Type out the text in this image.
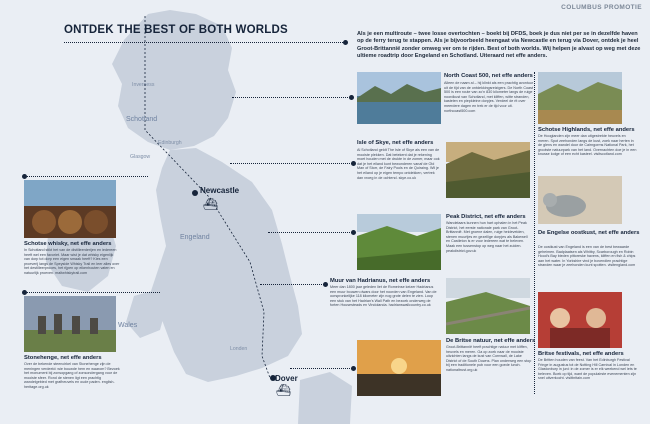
COLUMBUS PROMOTIE
ONTDEK THE BEST OF BOTH WORLDS	Als je een multiroute – twee losse overtochten – boekt bij DFDS, boek je dus niet per se in dezelfde haven op de ferry terug te stappen. Als je bijvoorbeeld heengaat via Newcastle en terug via Dover, ontdek je heel Groot-Brittannië zonder omweg ver om te rijden. Best of both worlds. Wij helpen je alvast op weg met deze ultieme roadtrip door Engeland en Schotland. Uiteraard net effe anders.
Inverness
Schotland
Edinburgh
Glasgow
Engeland
Wales
Londen
Newcastle
⛴
Dover
⛴
North Coast 500, net effe anders
Alleen de naam al – hij klinkt als een prachtig avontuur uit de tijd van de ontdekkingsreizigers. De North Coast 500 is een route van zo'n 830 kilometer langs de ruige noordkust van Schotland, met kliffen, witte stranden, kastelen en piepkleine dorpjes. Verdeel de rit over meerdere dagen en trek er de tijd voor uit. northcoast500.com
Schotse Highlands, net effe anders
De Hooglanden zijn meer dan uitgestrekte heuvels en meren. Spot zeehonden langs de kust, zoek naar herten in de glens en wandel door de Cairngorms National Park, het grootste natuurpark van het land. Overnachten doe je in een knusse lodge of een echt kasteel. visitscotland.com
Isle of Skye, net effe anders
Al Schotland geldt The Isle of Skye als een van de mooiste plekken. Dat betekent dat je rekening moet houden met de drukte in de zomer, maar ook dat je het eiland kunt bewonderen vanaf de Old Man of Storr, de Fairy Pools en de Quiraing. Wil je het eiland op je eigen tempo ontdekken, vertrek dan vroeg in de ochtend. skye.co.uk
Schotse whisky, net effe anders
In Schotland stikt het van de distilleerderijen en iedereen heeft wel een favoriet. Maar wist je dat whisky eigenlijk van dorp tot dorp een eigen smaak heeft? Kies een proeverij langs de Speyside Whisky Trail en leer alles over het destilleerproces, het rijpen op eikenhouten vaten en natuurlijk proeven. maltwhiskytrail.com
Peak District, net effe anders
Wandelaars kunnen hun hart ophalen in het Peak District, het eerste nationale park van Groot-Brittannië. Met groene dalen, ruige heidevelden, stenen muurtjes en gezellige dorpjes als Bakewell en Castleton is er voor iedereen wat te beleven. Maak een tussenstop op weg naar het zuiden. peakdistrict.gov.uk
De Engelse oostkust, net effe anders
De oostkust van Engeland is een van de best bewaarde geheimen. Badplaatsen als Whitby, Scarborough en Robin Hood's Bay bieden pittoreske havens, kliffen en fish & chips aan het water. In Yorkshire vind je bovendien prachtige stranden waar je zeehonden kunt spotten. visitengland.com
Muur van Hadrianus, net effe anders
Meer dan 1800 jaar geleden liet de Romeinse keizer Hadrianus een muur bouwen dwars door het noorden van Engeland. Van de oorspronkelijke 118 kilometer zijn nog grote delen te zien. Loop een stuk van het Hadrian's Wall Path en bezoek onderweg de forten Housesteads en Vindolanda. hadrianswallcountry.co.uk
Britse festivals, net effe anders
De Britten houden van feest. Van het Edinburgh Festival Fringe in augustus tot de Notting Hill Carnival in Londen en Glastonbury in juni: in de zomer is er elk weekend wel iets te beleven. Boek op tijd, want de populairste evenementen zijn snel uitverkocht. visitbritain.com
Stonehenge, net effe anders
Over de bekende steencirkel van Stonehenge zijn de meningen verdeeld: wie bouwde hem en waarom? Bezoek het monument bij zonsopgang of zonsondergang voor de mooiste sfeer. Rond de stenen ligt een prachtig wandelgebied met grafheuvels en oude paden. english-heritage.org.uk
De Britse natuur, net effe anders
Groot-Brittannië heeft prachtige natuur met kliffen, heuvels en meren. Ga op zoek naar de mooiste uitzichten langs de kust van Cornwall, de Lake District of de South Downs. Plan onderweg een stop bij een traditionele pub voor een goede lunch. nationaltrust.org.uk
